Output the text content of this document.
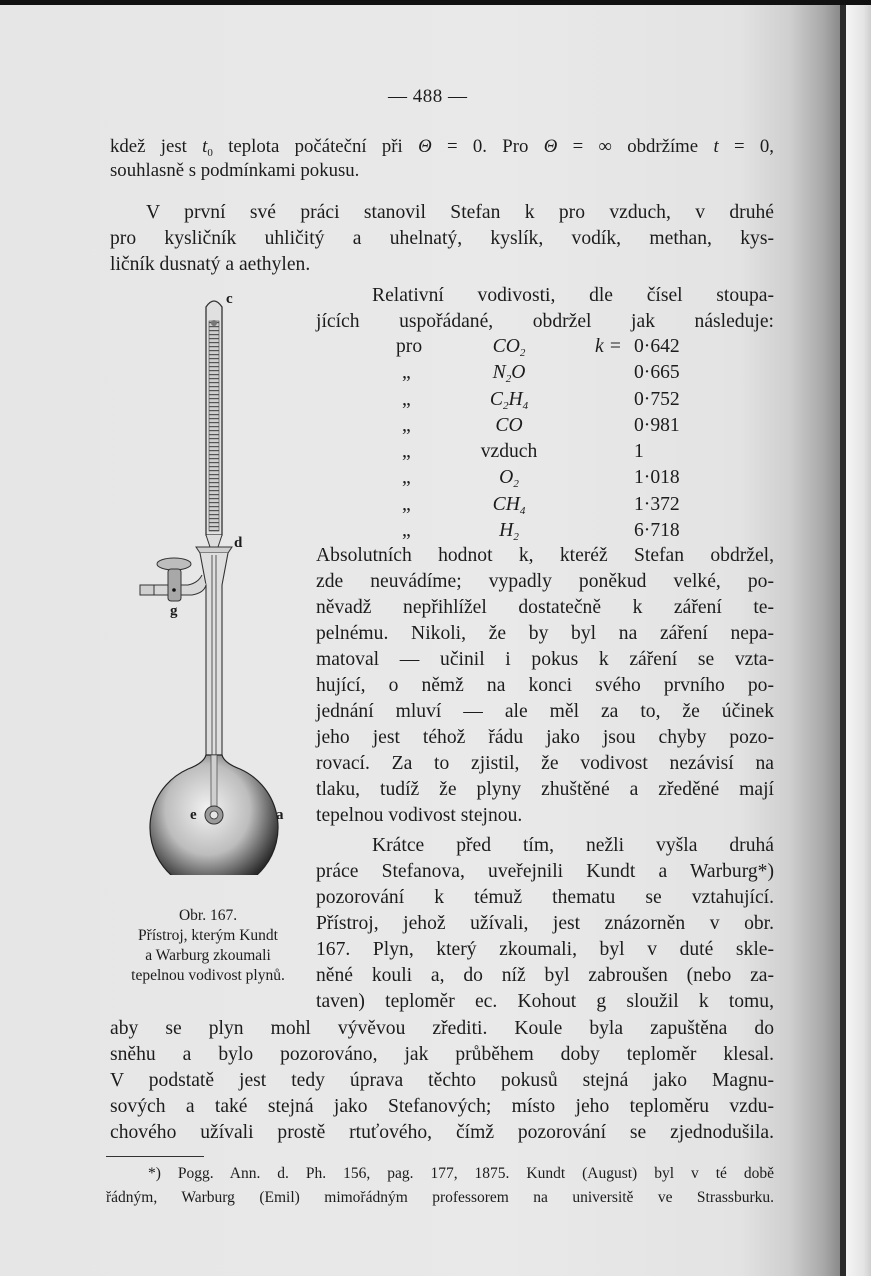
— 488 —
kdež jest $t_0$ teplota počáteční při Θ = 0. Pro Θ = ∞ obdržíme t = 0,
souhlasně s podmínkami pokusu.
V první své práci stanovil Stefan k pro vzduch, v druhé
pro kysličník uhličitý a uhelnatý, kyslík, vodík, methan, kys-
ličník dusnatý a aethylen.
Relativní vodivosti, dle čísel stoupa-
jících uspořádané, obdržel jak následuje:
pro	$CO_2$	k = 0·642
„	$N_2O$	0·665
„	$C_2H_4$	0·752
„	CO	0·981
„	vzduch	1
„	$O_2$	1·018
„	$CH_4$	1·372
„	$H_2$	6·718
Absolutních hodnot k, kteréž Stefan obdržel,
zde neuvádíme; vypadly poněkud velké, po-
něvadž nepřihlížel dostatečně k záření te-
pelnému. Nikoli, že by byl na záření nepa-
matoval — učinil i pokus k záření se vzta-
hující, o němž na konci svého prvního po-
jednání mluví — ale měl za to, že účinek
jeho jest téhož řádu jako jsou chyby pozo-
rovací. Za to zjistil, že vodivost nezávisí na
tlaku, tudíž že plyny zhuštěné a zředěné mají
tepelnou vodivost stejnou.
Krátce před tím, nežli vyšla druhá
práce Stefanova, uveřejnili Kundt a Warburg*)
pozorování k témuž thematu se vztahující.
Přístroj, jehož užívali, jest znázorněn v obr.
167. Plyn, který zkoumali, byl v duté skle-
něné kouli a, do níž byl zabroušen (nebo za-
taven) teploměr ec. Kohout g sloužil k tomu,
aby se plyn mohl vývěvou zřediti. Koule byla zapuštěna do
sněhu a bylo pozorováno, jak průběhem doby teploměr klesal.
V podstatě jest tedy úprava těchto pokusů stejná jako Magnu-
sových a také stejná jako Stefanových; místo jeho teploměru vzdu-
chového užívali prostě rtuťového, čímž pozorování se zjednodušila.
*) Pogg. Ann. d. Ph. 156, pag. 177, 1875. Kundt (August) byl v té době
řádným, Warburg (Emil) mimořádným professorem na universitě ve Strassburku.
c
d
g
e	a
Obr. 167.
Přístroj, kterým Kundt
a Warburg zkoumali
tepelnou vodivost plynů.
